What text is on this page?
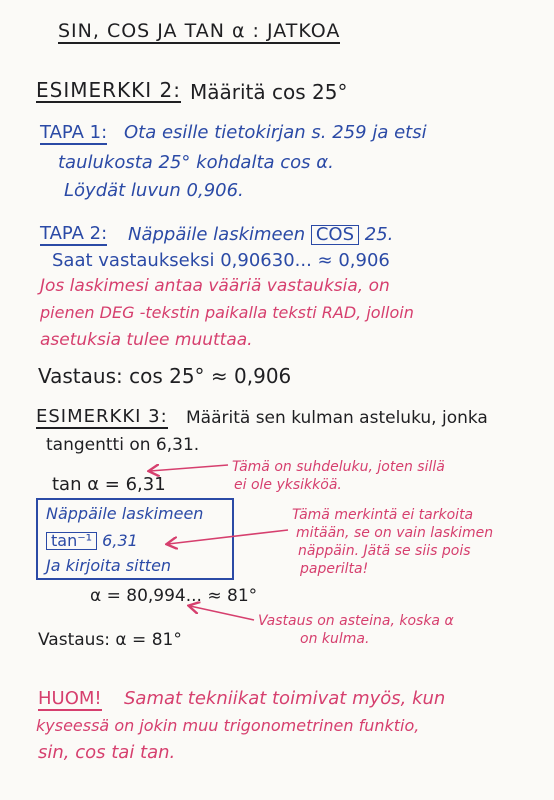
SIN, COS JA TAN α : JATKOA
ESIMERKKI 2: Määritä cos 25°
TAPA 1: Ota esille tietokirjan s. 259 ja etsi
taulukosta 25° kohdalta cos α.
Löydät luvun 0,906.
TAPA 2: Näppäile laskimeen COS 25.
Saat vastaukseksi 0,90630... ≈ 0,906
Jos laskimesi antaa vääriä vastauksia, on
pienen DEG -tekstin paikalla teksti RAD, jolloin
asetuksia tulee muuttaa.
Vastaus: cos 25° ≈ 0,906
ESIMERKKI 3: Määritä sen kulman asteluku, jonka
tangentti on 6,31.
tan α = 6,31
Tämä on suhdeluku, joten sillä
ei ole yksikköä.
Näppäile laskimeen
tan⁻¹ 6,31
Ja kirjoita sitten
Tämä merkintä ei tarkoita
mitään, se on vain laskimen
näppäin. Jätä se siis pois
paperilta!
α = 80,994... ≈ 81°
Vastaus on asteina, koska α
on kulma.
Vastaus: α = 81°
HUOM! Samat tekniikat toimivat myös, kun
kyseessä on jokin muu trigonometrinen funktio,
sin, cos tai tan.
